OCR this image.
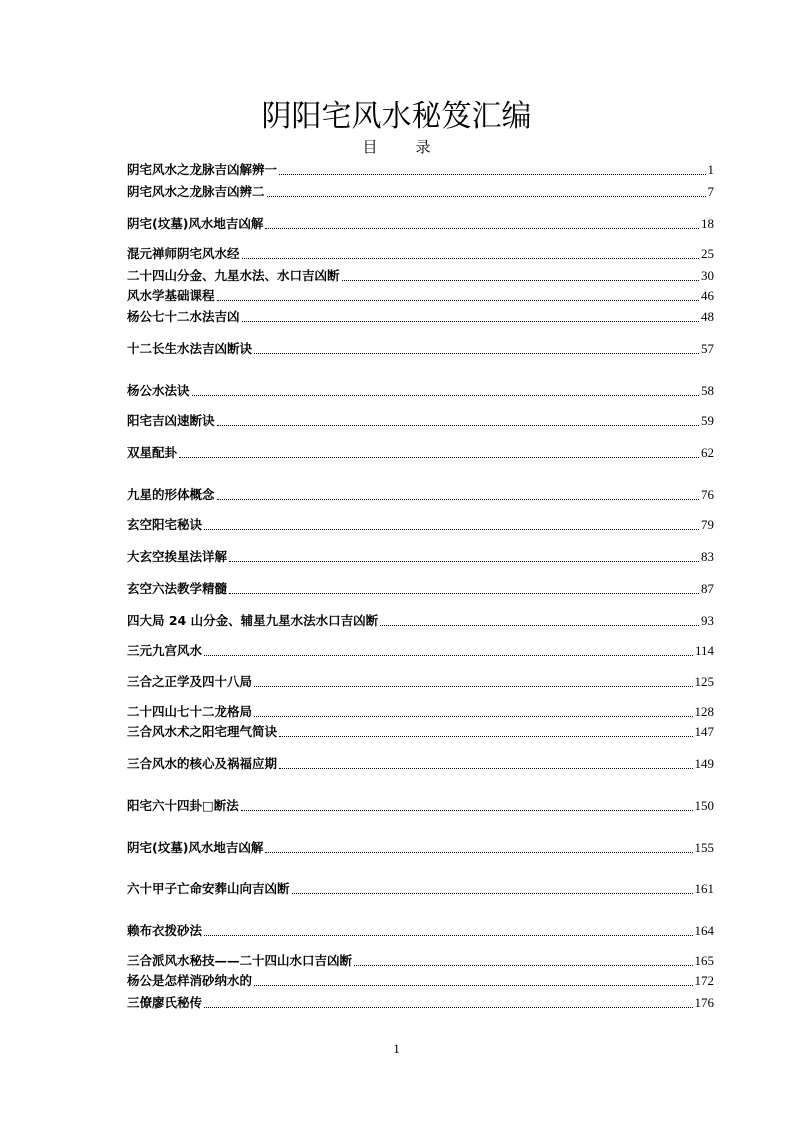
阴阳宅风水秘笈汇编
目录
阴宅风水之龙脉吉凶解辨一	1
阴宅风水之龙脉吉凶辨二	7
阴宅(坟墓)风水地吉凶解	18
混元禅师阴宅风水经	25
二十四山分金、九星水法、水口吉凶断	30
风水学基础课程	46
杨公七十二水法吉凶	48
十二长生水法吉凶断诀	57
杨公水法诀	58
阳宅吉凶速断诀	59
双星配卦	62
九星的形体概念	76
玄空阳宅秘诀	79
大玄空挨星法详解	83
玄空六法教学精髓	87
四大局 24 山分金、辅星九星水法水口吉凶断	93
三元九宫风水	114
三合之正学及四十八局	125
二十四山七十二龙格局	128
三合风水术之阳宅理气简诀	147
三合风水的核心及祸福应期	149
阳宅六十四卦□断法	150
阴宅(坟墓)风水地吉凶解	155
六十甲子亡命安葬山向吉凶断	161
赖布衣拨砂法	164
三合派风水秘技——二十四山水口吉凶断	165
杨公是怎样消砂纳水的	172
三僚廖氏秘传	176
1
